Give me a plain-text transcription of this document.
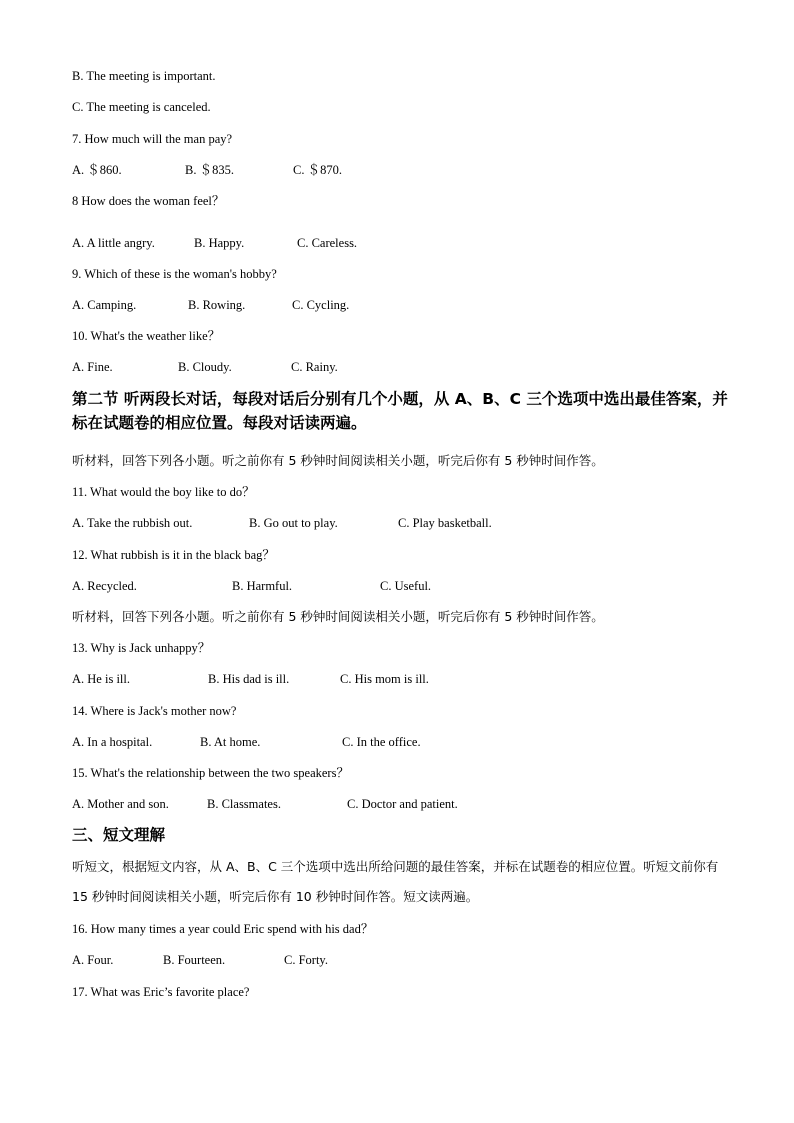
B. The meeting is important.
C. The meeting is canceled.
7. How much will the man pay?
A. ＄860.	B. ＄835.	C. ＄870.
8 How does the woman feel？
A. A little angry.	B. Happy.	C. Careless.
9. Which of these is the woman's hobby?
A. Camping.	B. Rowing.	C. Cycling.
10. What's the weather like？
A. Fine.	B. Cloudy.	C. Rainy.
第二节 听两段长对话，每段对话后分别有几个小题，从 A、B、C 三个选项中选出最佳答案，并标在试题卷的相应位置。每段对话读两遍。
听材料，回答下列各小题。听之前你有 5 秒钟时间阅读相关小题，听完后你有 5 秒钟时间作答。
11. What would the boy like to do？
A. Take the rubbish out.	B. Go out to play.	C. Play basketball.
12. What rubbish is it in the black bag？
A. Recycled.	B. Harmful.	C. Useful.
听材料，回答下列各小题。听之前你有 5 秒钟时间阅读相关小题，听完后你有 5 秒钟时间作答。
13. Why is Jack unhappy？
A. He is ill.	B. His dad is ill.	C. His mom is ill.
14. Where is Jack's mother now?
A. In a hospital.	B. At home.	C. In the office.
15. What's the relationship between the two speakers？
A. Mother and son.	B. Classmates.	C. Doctor and patient.
三、短文理解
听短文，根据短文内容，从 A、B、C 三个选项中选出所给问题的最佳答案，并标在试题卷的相应位置。听短文前你有 15 秒钟时间阅读相关小题，听完后你有 10 秒钟时间作答。短文读两遍。
16. How many times a year could Eric spend with his dad？
A. Four.	B. Fourteen.	C. Forty.
17. What was Eric’s favorite place?
